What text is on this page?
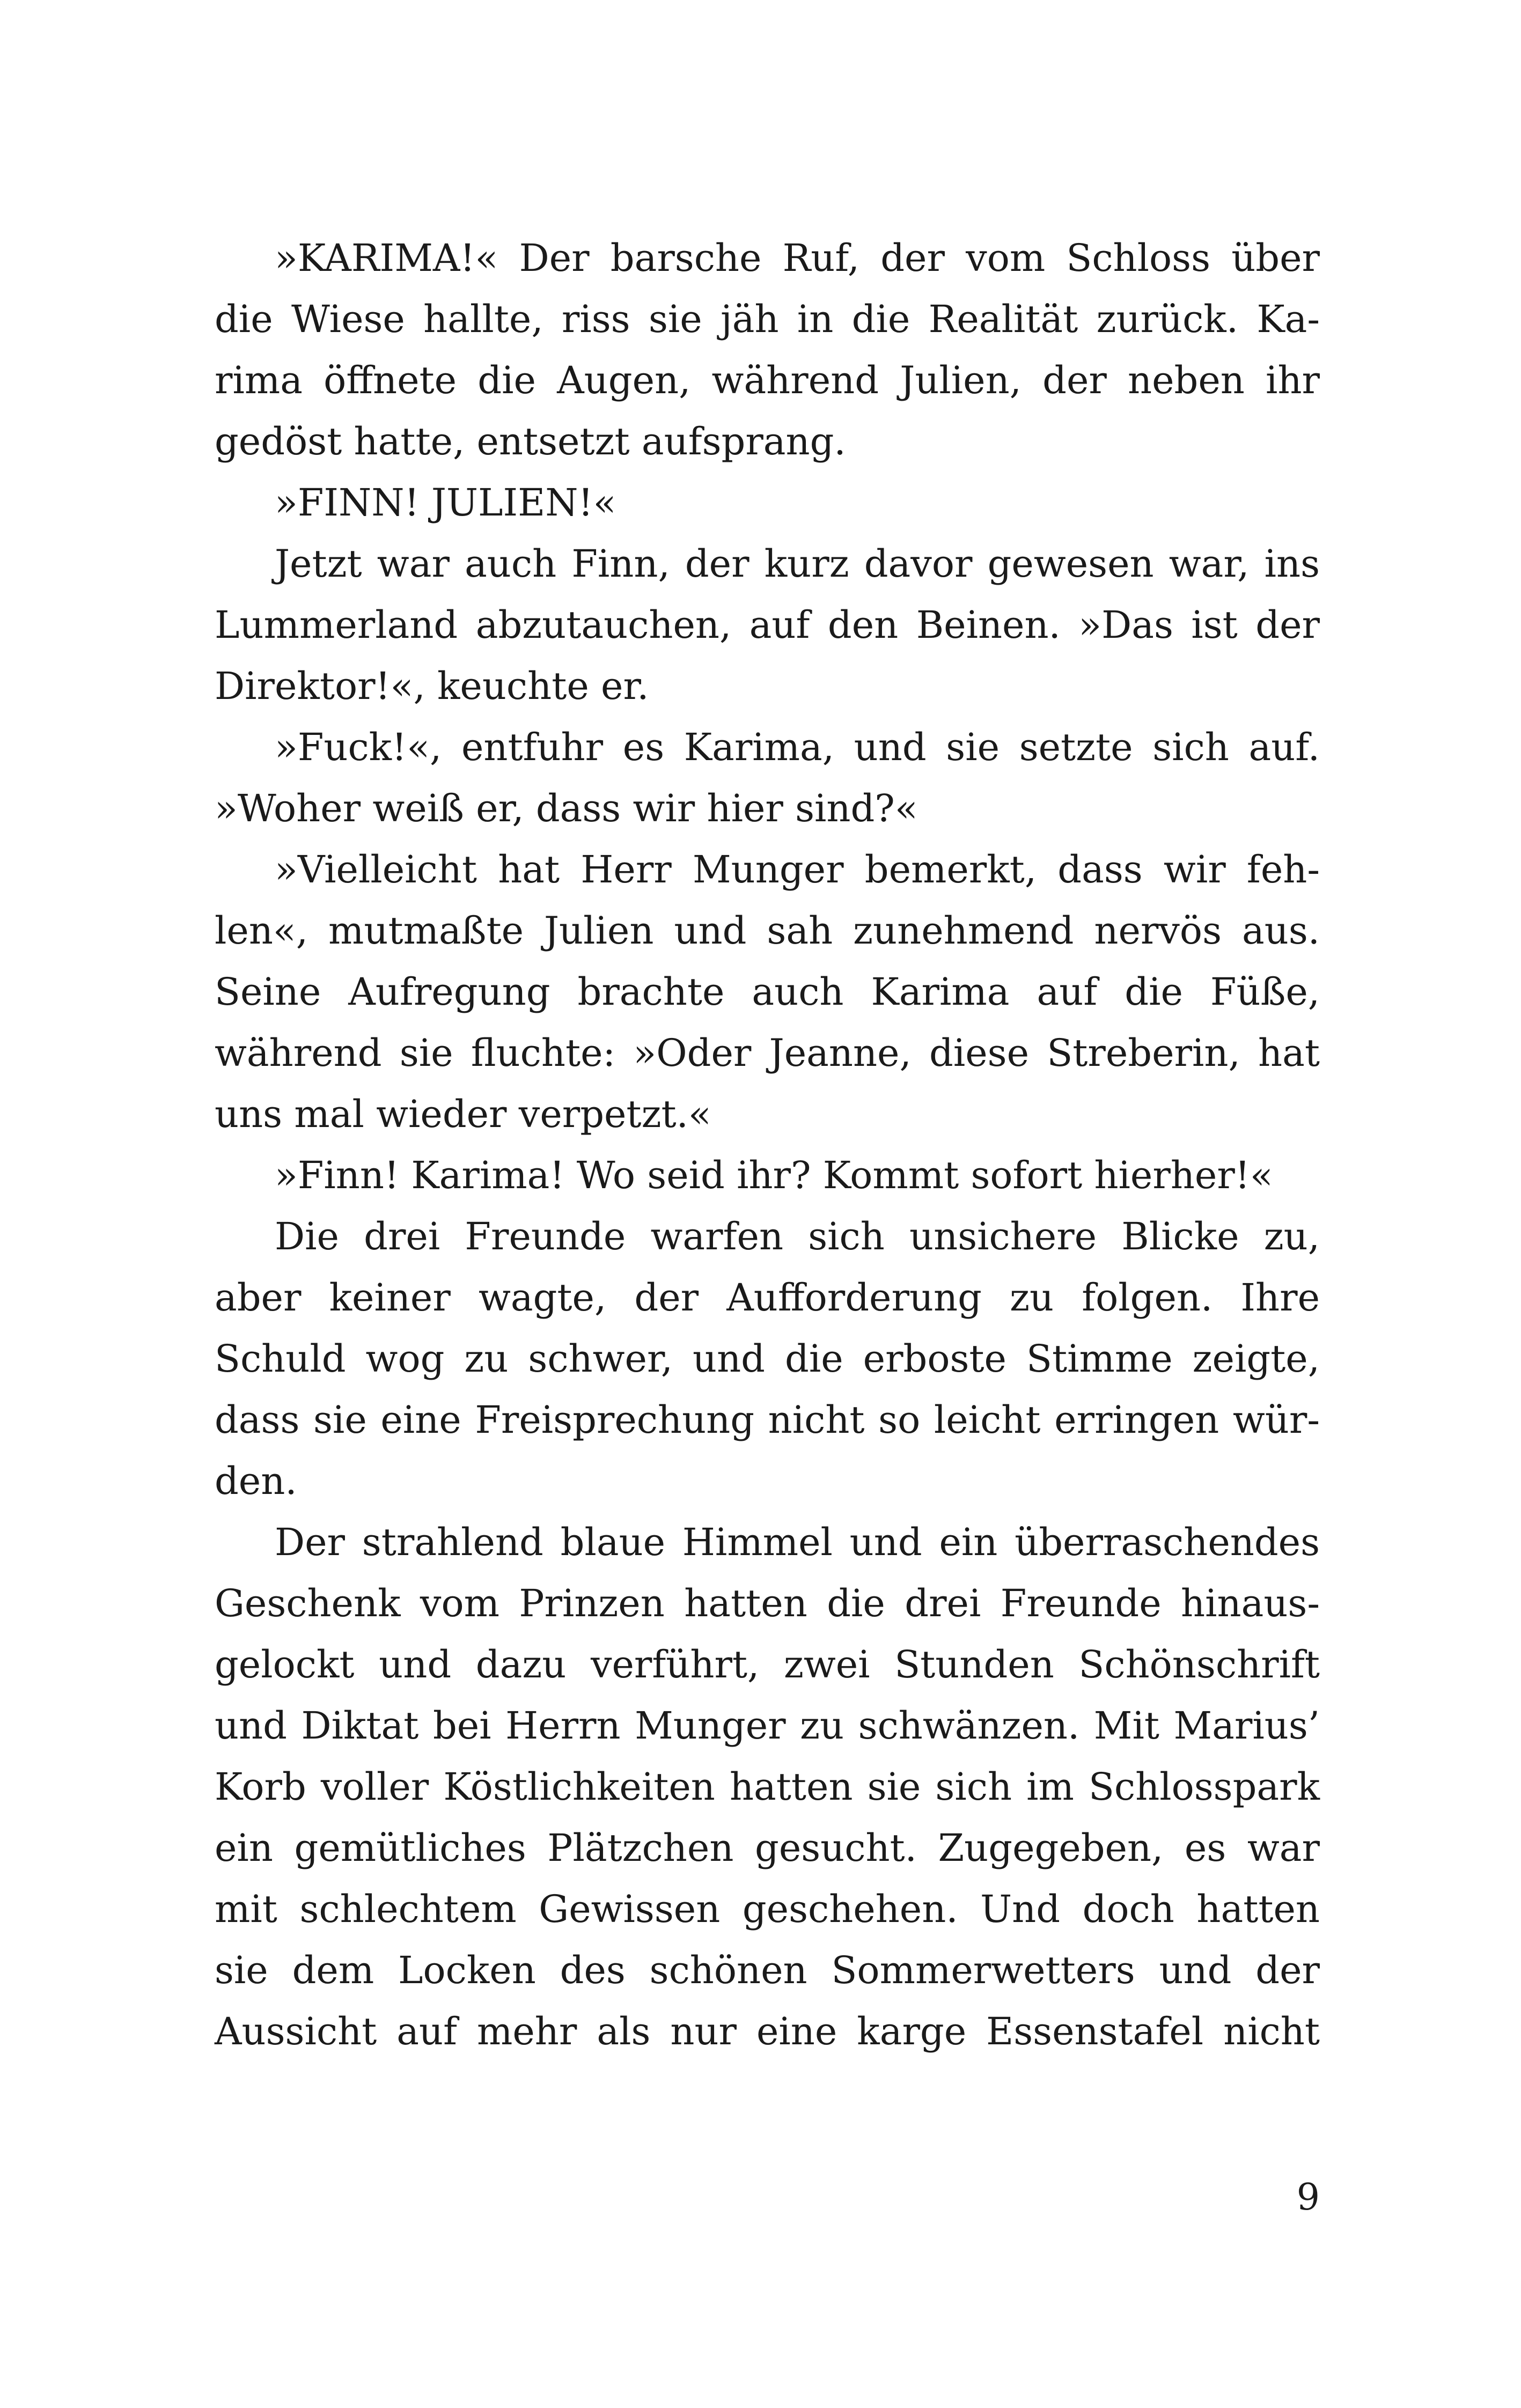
»KARIMA!« Der barsche Ruf, der vom Schloss über
die Wiese hallte, riss sie jäh in die Realität zurück. Ka-
rima öffnete die Augen, während Julien, der neben ihr
gedöst hatte, entsetzt aufsprang.
»FINN! JULIEN!«
Jetzt war auch Finn, der kurz davor gewesen war, ins
Lummerland abzutauchen, auf den Beinen. »Das ist der
Direktor!«, keuchte er.
»Fuck!«, entfuhr es Karima, und sie setzte sich auf.
»Woher weiß er, dass wir hier sind?«
»Vielleicht hat Herr Munger bemerkt, dass wir feh-
len«, mutmaßte Julien und sah zunehmend nervös aus.
Seine Aufregung brachte auch Karima auf die Füße,
während sie fluchte: »Oder Jeanne, diese Streberin, hat
uns mal wieder verpetzt.«
»Finn! Karima! Wo seid ihr? Kommt sofort hierher!«
Die drei Freunde warfen sich unsichere Blicke zu,
aber keiner wagte, der Aufforderung zu folgen. Ihre
Schuld wog zu schwer, und die erboste Stimme zeigte,
dass sie eine Freisprechung nicht so leicht erringen wür-
den.
Der strahlend blaue Himmel und ein überraschendes
Geschenk vom Prinzen hatten die drei Freunde hinaus-
gelockt und dazu verführt, zwei Stunden Schönschrift
und Diktat bei Herrn Munger zu schwänzen. Mit Marius’
Korb voller Köstlichkeiten hatten sie sich im Schlosspark
ein gemütliches Plätzchen gesucht. Zugegeben, es war
mit schlechtem Gewissen geschehen. Und doch hatten
sie dem Locken des schönen Sommerwetters und der
Aussicht auf mehr als nur eine karge Essenstafel nicht
9
